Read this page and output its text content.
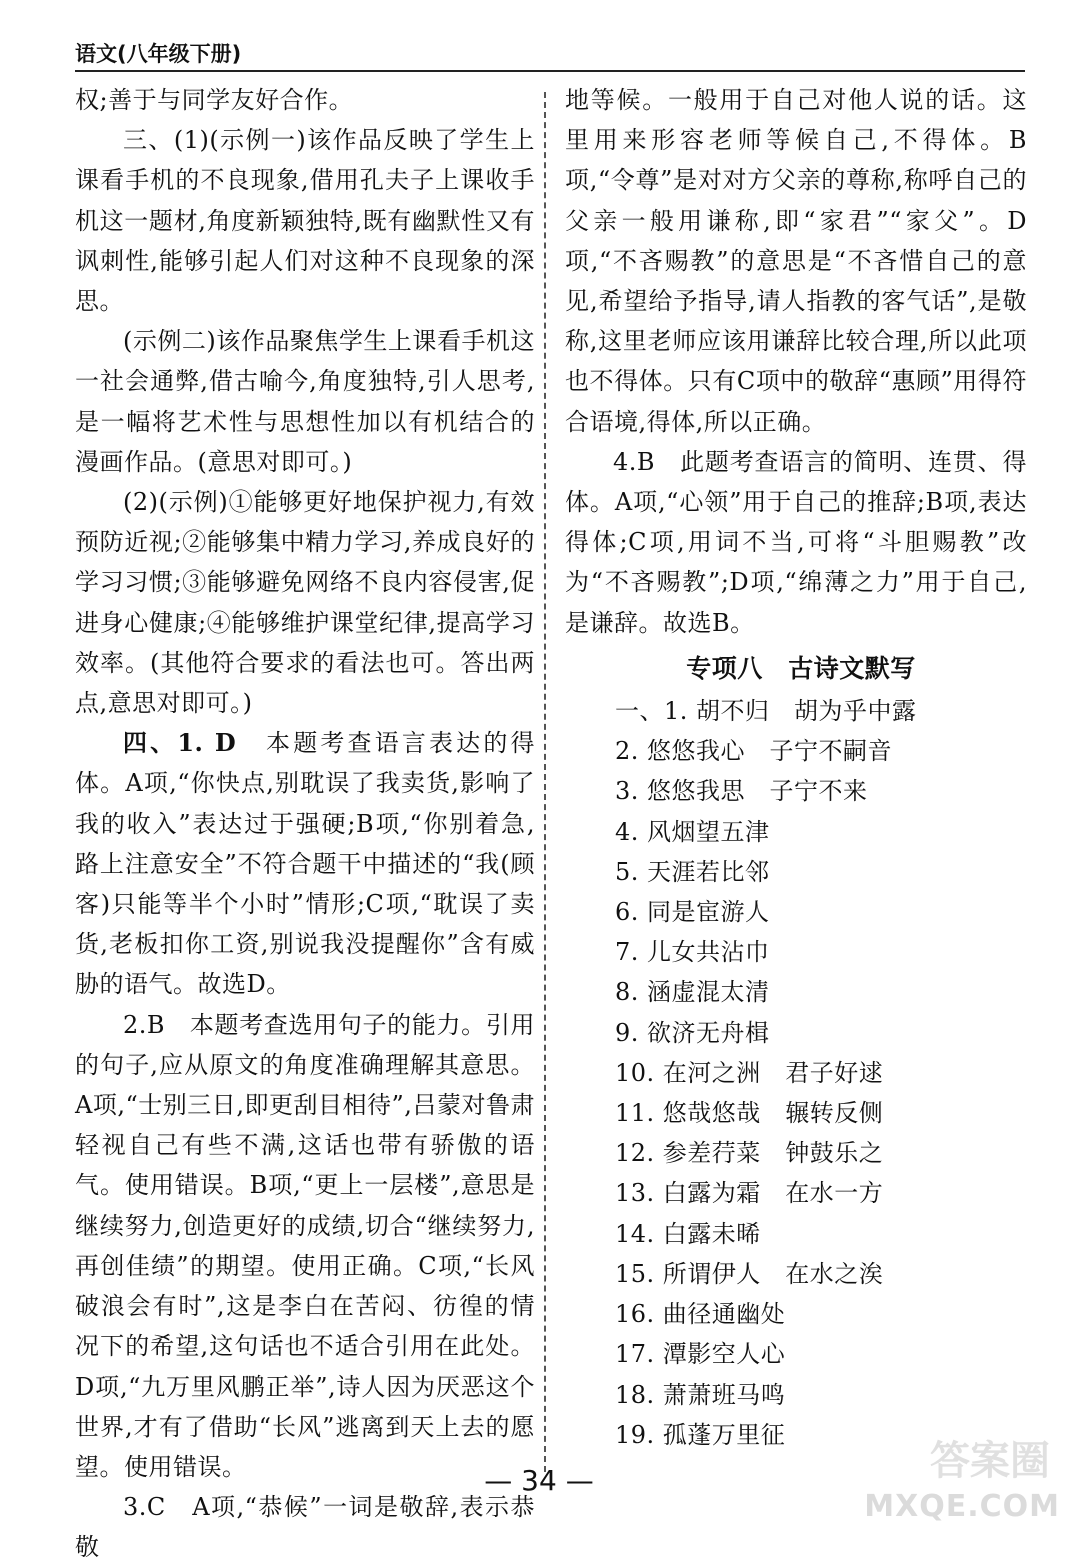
语文(八年级下册)

权;善于与同学友好合作。

三、(1)(示例一)该作品反映了学生上课看手机的不良现象,借用孔夫子上课收手机这一题材,角度新颖独特,既有幽默性又有讽刺性,能够引起人们对这种不良现象的深思。

(示例二)该作品聚焦学生上课看手机这一社会通弊,借古喻今,角度独特,引人思考,是一幅将艺术性与思想性加以有机结合的漫画作品。(意思对即可。)

(2)(示例)①能够更好地保护视力,有效预防近视;②能够集中精力学习,养成良好的学习习惯;③能够避免网络不良内容侵害,促进身心健康;④能够维护课堂纪律,提高学习效率。(其他符合要求的看法也可。答出两点,意思对即可。)

四、1. D　本题考查语言表达的得体。A项,“你快点,别耽误了我卖货,影响了我的收入”表达过于强硬;B项,“你别着急,路上注意安全”不符合题干中描述的“我(顾客)只能等半个小时”情形;C项,“耽误了卖货,老板扣你工资,别说我没提醒你”含有威胁的语气。故选D。

2.B　本题考查选用句子的能力。引用的句子,应从原文的角度准确理解其意思。A项,“士别三日,即更刮目相待”,吕蒙对鲁肃轻视自己有些不满,这话也带有骄傲的语气。使用错误。B项,“更上一层楼”,意思是继续努力,创造更好的成绩,切合“继续努力,再创佳绩”的期望。使用正确。C项,“长风破浪会有时”,这是李白在苦闷、彷徨的情况下的希望,这句话也不适合引用在此处。D项,“九万里风鹏正举”,诗人因为厌恶这个世界,才有了借助“长风”逃离到天上去的愿望。使用错误。

3.C　A项,“恭候”一词是敬辞,表示恭敬

地等候。一般用于自己对他人说的话。这里用来形容老师等候自己,不得体。B项,“令尊”是对对方父亲的尊称,称呼自己的父亲一般用谦称,即“家君”“家父”。D项,“不吝赐教”的意思是“不吝惜自己的意见,希望给予指导,请人指教的客气话”,是敬称,这里老师应该用谦辞比较合理,所以此项也不得体。只有C项中的敬辞“惠顾”用得符合语境,得体,所以正确。

4.B　此题考查语言的简明、连贯、得体。A项,“心领”用于自己的推辞;B项,表达得体;C项,用词不当,可将“斗胆赐教”改为“不吝赐教”;D项,“绵薄之力”用于自己,是谦辞。故选B。

专项八　古诗文默写

一、1. 胡不归　胡为乎中露
2. 悠悠我心　子宁不嗣音
3. 悠悠我思　子宁不来
4. 风烟望五津
5. 天涯若比邻
6. 同是宦游人
7. 儿女共沾巾
8. 涵虚混太清
9. 欲济无舟楫
10. 在河之洲　君子好逑
11. 悠哉悠哉　辗转反侧
12. 参差荇菜　钟鼓乐之
13. 白露为霜　在水一方
14. 白露未晞
15. 所谓伊人　在水之涘
16. 曲径通幽处
17. 潭影空人心
18. 萧萧班马鸣
19. 孤蓬万里征
— 34 —	答案圈
MXQE.COM
